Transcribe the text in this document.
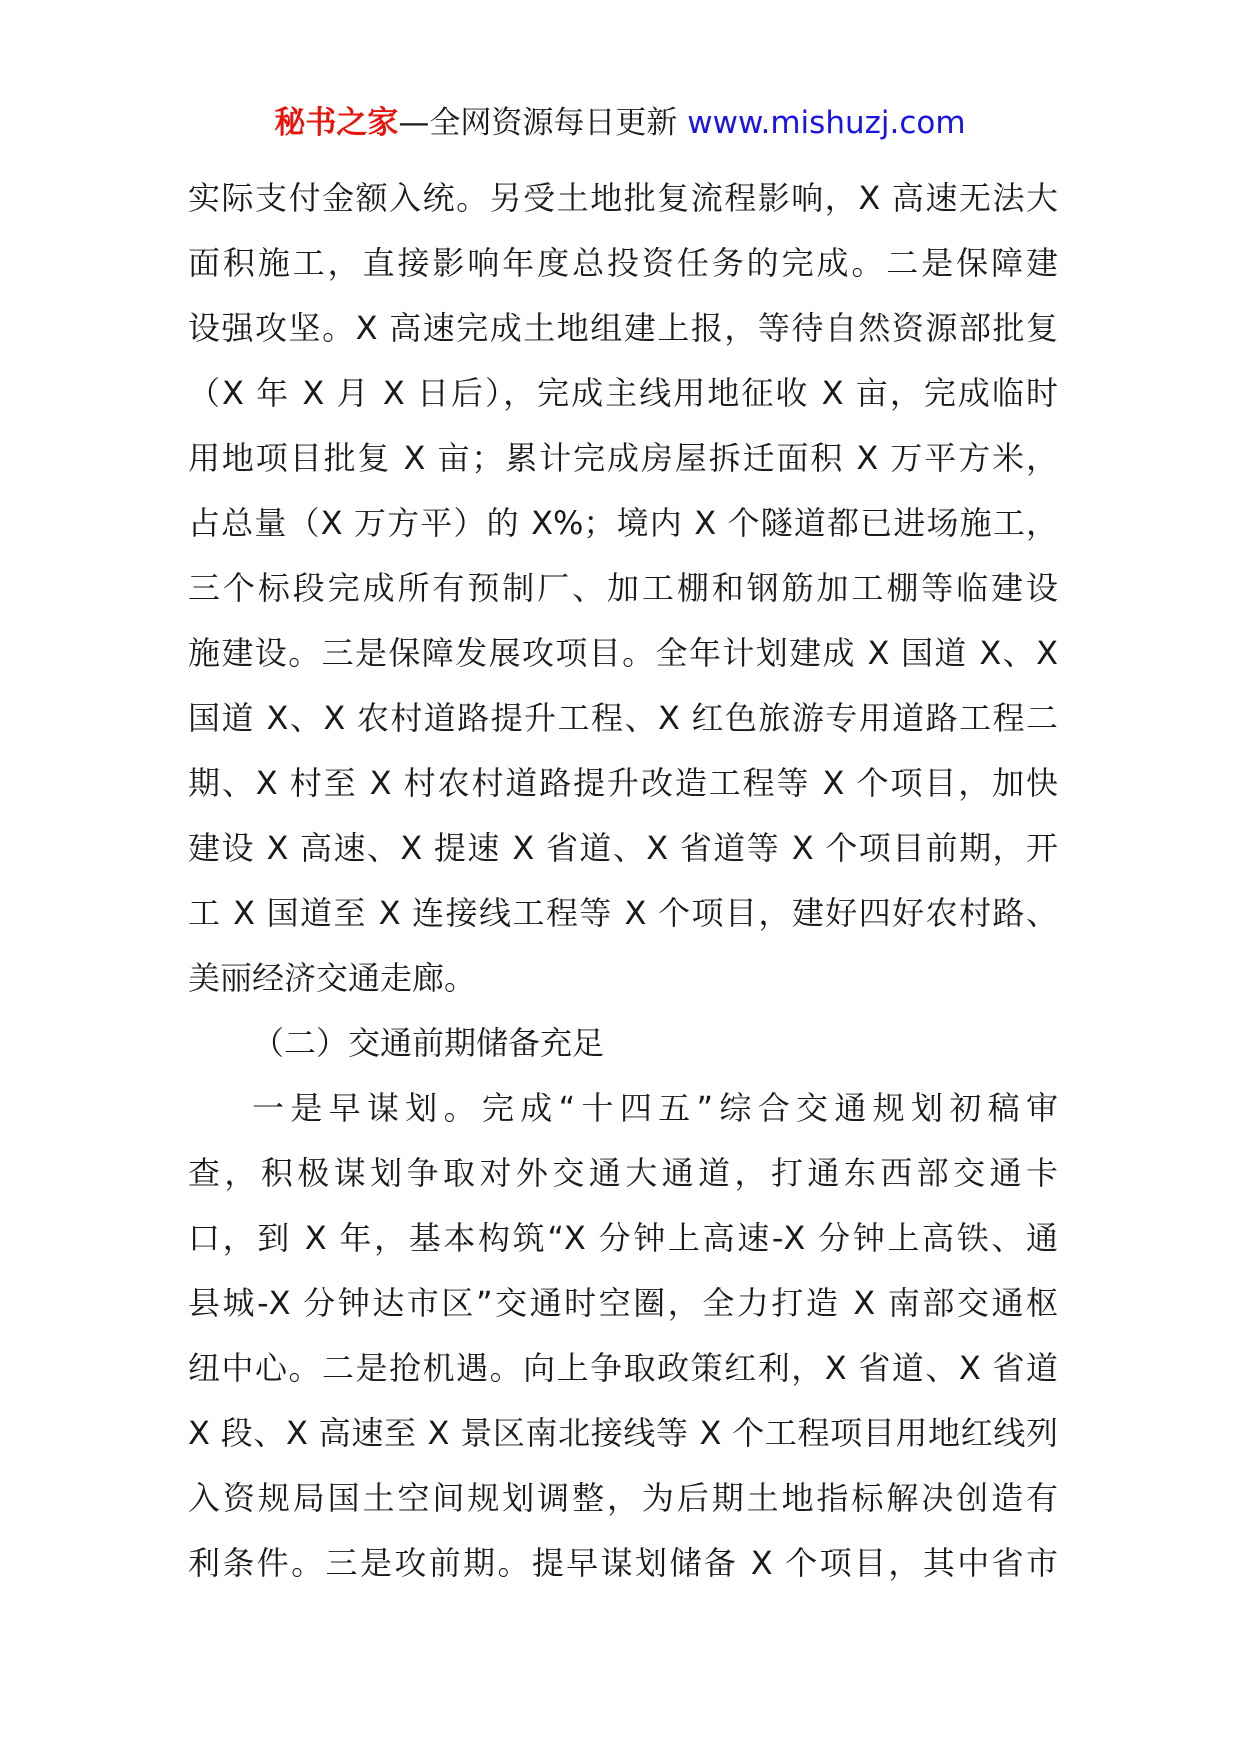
秘书之家—全网资源每日更新 www.mishuzj.com
实际支付金额入统。另受土地批复流程影响，X 高速无法大
面积施工，直接影响年度总投资任务的完成。二是保障建
设强攻坚。X 高速完成土地组建上报，等待自然资源部批复
（X 年 X 月 X 日后），完成主线用地征收 X 亩，完成临时
用地项目批复 X 亩；累计完成房屋拆迁面积 X 万平方米，
占总量（X 万方平）的 X%；境内 X 个隧道都已进场施工，
三个标段完成所有预制厂、加工棚和钢筋加工棚等临建设
施建设。三是保障发展攻项目。全年计划建成 X 国道 X、X
国道 X、X 农村道路提升工程、X 红色旅游专用道路工程二
期、X 村至 X 村农村道路提升改造工程等 X 个项目，加快
建设 X 高速、X 提速 X 省道、X 省道等 X 个项目前期，开
工 X 国道至 X 连接线工程等 X 个项目，建好四好农村路、
美丽经济交通走廊。
（二）交通前期储备充足
一是早谋划。完成“十四五”综合交通规划初稿审
查，积极谋划争取对外交通大通道，打通东西部交通卡
口，到 X 年，基本构筑“X 分钟上高速-X 分钟上高铁、通
县城-X 分钟达市区”交通时空圈，全力打造 X 南部交通枢
纽中心。二是抢机遇。向上争取政策红利，X 省道、X 省道
X 段、X 高速至 X 景区南北接线等 X 个工程项目用地红线列
入资规局国土空间规划调整，为后期土地指标解决创造有
利条件。三是攻前期。提早谋划储备 X 个项目，其中省市
